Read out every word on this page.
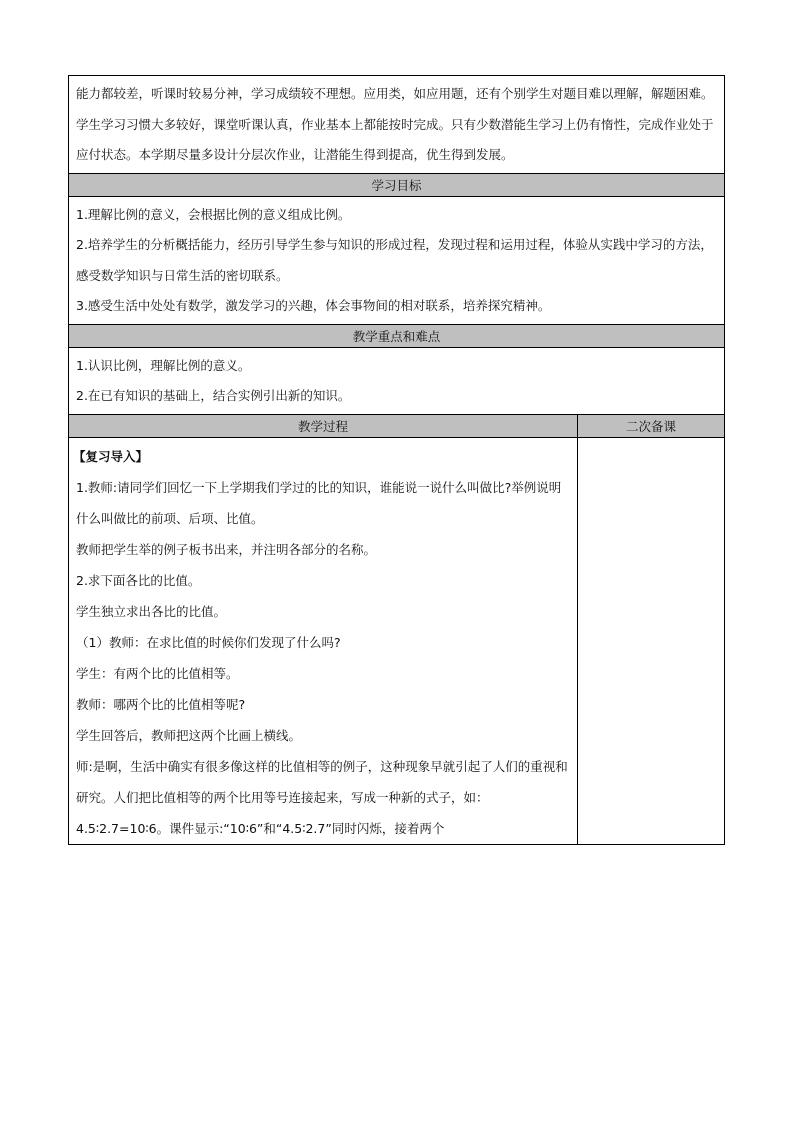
能力都较差，听课时较易分神，学习成绩较不理想。应用类，如应用题，还有个别学生对题目难以理解，解题困难。学生学习习惯大多较好，课堂听课认真，作业基本上都能按时完成。只有少数潜能生学习上仍有惰性，完成作业处于应付状态。本学期尽量多设计分层次作业，让潜能生得到提高，优生得到发展。

学习目标

1.理解比例的意义，会根据比例的意义组成比例。

2.培养学生的分析概括能力，经历引导学生参与知识的形成过程，发现过程和运用过程，体验从实践中学习的方法，感受数学知识与日常生活的密切联系。

3.感受生活中处处有数学，激发学习的兴趣，体会事物间的相对联系，培养探究精神。

教学重点和难点

1.认识比例，理解比例的意义。

2.在已有知识的基础上，结合实例引出新的知识。

教学过程	二次备课

【复习导入】

1.教师:请同学们回忆一下上学期我们学过的比的知识，谁能说一说什么叫做比?举例说明什么叫做比的前项、后项、比值。

教师把学生举的例子板书出来，并注明各部分的名称。

2.求下面各比的比值。

学生独立求出各比的比值。

（1）教师：在求比值的时候你们发现了什么吗?

学生：有两个比的比值相等。

教师：哪两个比的比值相等呢?

学生回答后，教师把这两个比画上横线。

师:是啊，生活中确实有很多像这样的比值相等的例子，这种现象早就引起了人们的重视和研究。人们把比值相等的两个比用等号连接起来，写成一种新的式子，如：4.5∶2.7=10∶6。课件显示:“10∶6”和“4.5∶2.7”同时闪烁，接着两个
